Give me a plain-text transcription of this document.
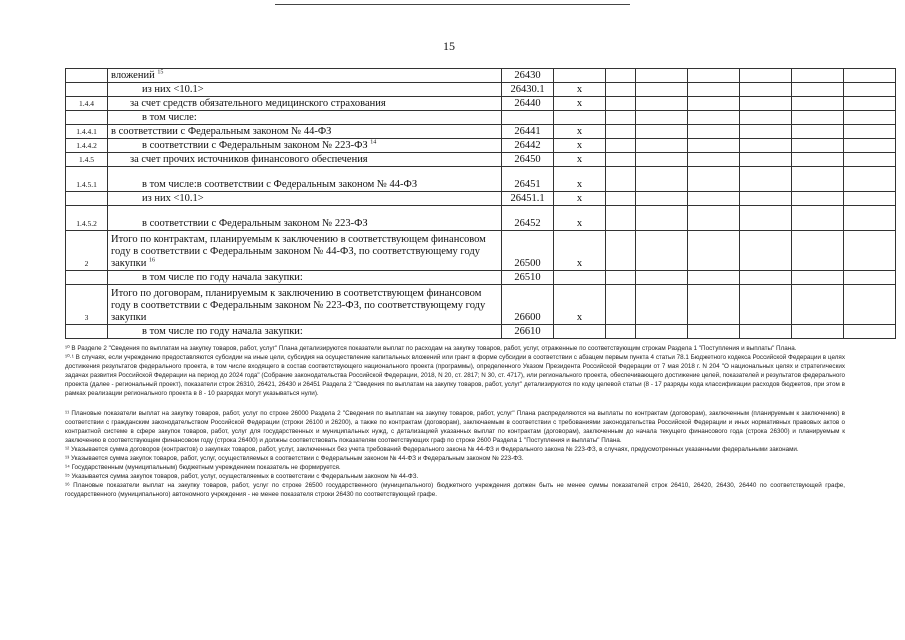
15
	вложений $^{15}$	26430							
	из них <10.1>	26430.1	x						
1.4.4	за счет средств обязательного медицинского страхования	26440	x						
	в том числе:								
1.4.4.1	в соответствии с Федеральным законом № 44-ФЗ	26441	x						
1.4.4.2	в соответствии с Федеральным законом № 223-ФЗ $^{14}$	26442	x						
1.4.5	за счет прочих источников финансового обеспечения	26450	x						
1.4.5.1	в том числе:в соответствии с Федеральным законом № 44-ФЗ	26451	x						
	из них <10.1>	26451.1	x						
1.4.5.2	в соответствии с Федеральным законом № 223-ФЗ	26452	x						
2	Итого по контрактам, планируемым к заключению в соответствующем финансовом году в соответствии с Федеральным законом № 44-ФЗ, по соответствующему году закупки $^{16}$	26500	x						
	в том числе по году начала закупки:	26510							
3	Итого по договорам, планируемым к заключению в соответствующем финансовом году в соответствии с Федеральным законом № 223-ФЗ, по соответствующему году закупки	26600	x						
	в том числе по году начала закупки:	26610							

¹⁰ В Разделе 2 "Сведения по выплатам на закупку товаров, работ, услуг" Плана детализируются показатели выплат по расходам на закупку товаров, работ, услуг, отраженные по соответствующим строкам Раздела 1 "Поступления и выплаты" Плана.

¹⁰·¹ В случаях, если учреждению предоставляются субсидии на иные цели, субсидия на осуществление капитальных вложений или грант в форме субсидии в соответствии с абзацем первым пункта 4 статьи 78.1 Бюджетного кодекса Российской Федерации в целях достижения результатов федерального проекта, в том числе входящего в состав соответствующего национального проекта (программы), определенного Указом Президента Российской Федерации от 7 мая 2018 г. N 204 "О национальных целях и стратегических задачах развития Российской Федерации на период до 2024 года" (Собрание законодательства Российской Федерации, 2018, N 20, ст. 2817; N 30, ст. 4717), или регионального проекта, обеспечивающего достижение целей, показателей и результатов федерального проекта (далее - региональный проект), показатели строк 26310, 26421, 26430 и 26451 Раздела 2 "Сведения по выплатам на закупку товаров, работ, услуг" детализируются по коду целевой статьи (8 - 17 разряды кода классификации расходов бюджетов, при этом в рамках реализации регионального проекта в 8 - 10 разрядах могут указываться нули).

¹¹ Плановые показатели выплат на закупку товаров, работ, услуг по строке 26000 Раздела 2 "Сведения по выплатам на закупку товаров, работ, услуг" Плана распределяются на выплаты по контрактам (договорам), заключенным (планируемым к заключению) в соответствии с гражданским законодательством Российской Федерации (строки 26100 и 26200), а также по контрактам (договорам), заключаемым в соответствии с требованиями законодательства Российской Федерации и иных нормативных правовых актов о контрактной системе в сфере закупок товаров, работ, услуг для государственных и муниципальных нужд, с детализацией указанных выплат по контрактам (договорам), заключенным до начала текущего финансового года (строка 26300) и планируемым к заключению в соответствующем финансовом году (строка 26400) и должны соответствовать показателям соответствующих граф по строке 2600 Раздела 1 "Поступления и выплаты" Плана.

¹² Указывается сумма договоров (контрактов) о закупках товаров, работ, услуг, заключенных без учета требований Федерального закона № 44-ФЗ и Федерального закона № 223-ФЗ, в случаях, предусмотренных указанными федеральными законами.

¹³ Указывается сумма закупок товаров, работ, услуг, осуществляемых в соответствии с Федеральным законом № 44-ФЗ и Федеральным законом № 223-ФЗ.

¹⁴ Государственным (муниципальным) бюджетным учреждением показатель не формируется.

¹⁵ Указывается сумма закупок товаров, работ, услуг, осуществляемых в соответствии с Федеральным законом № 44-ФЗ.

¹⁶ Плановые показатели выплат на закупку товаров, работ, услуг по строке 26500 государственного (муниципального) бюджетного учреждения должен быть не менее суммы показателей строк 26410, 26420, 26430, 26440 по соответствующей графе, государственного (муниципального) автономного учреждения - не менее показателя строки 26430 по соответствующей графе.
